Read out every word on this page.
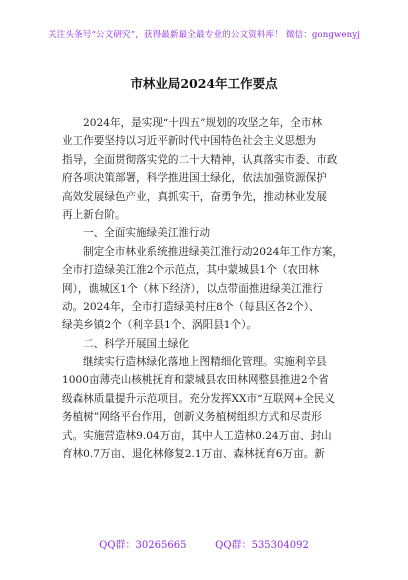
关注头条号“公文研究”，获得最新最全最专业的公文资料库！ 微信：gongwenyj
市林业局2024年工作要点
2024年，是实现“十四五”规划的攻坚之年，全市林
业工作要坚持以习近平新时代中国特色社会主义思想为
指导，全面贯彻落实党的二十大精神，认真落实市委、市政
府各项决策部署，科学推进国土绿化，依法加强资源保护
高效发展绿色产业，真抓实干，奋勇争先，推动林业发展
再上新台阶。
一、全面实施绿美江淮行动
制定全市林业系统推进绿美江淮行动2024年工作方案，
全市打造绿美江淮2个示范点，其中蒙城县1个（农田林
网），谯城区1个（林下经济），以点带面推进绿美江淮行
动。2024年，全市打造绿美村庄8个（每县区各2个）、
绿美乡镇2个（利辛县1个、涡阳县1个）。
二、科学开展国土绿化
继续实行造林绿化落地上图精细化管理。实施利辛县
1000亩薄壳山核桃抚育和蒙城县农田林网整县推进2个省
级森林质量提升示范项目。充分发挥XX市“互联网+全民义
务植树”网络平台作用，创新义务植树组织方式和尽责形
式。实施营造林9.04万亩，其中人工造林0.24万亩、封山
育林0.7万亩、退化林修复2.1万亩、森林抚育6万亩。新
QQ群：30265665	QQ群：535304092
